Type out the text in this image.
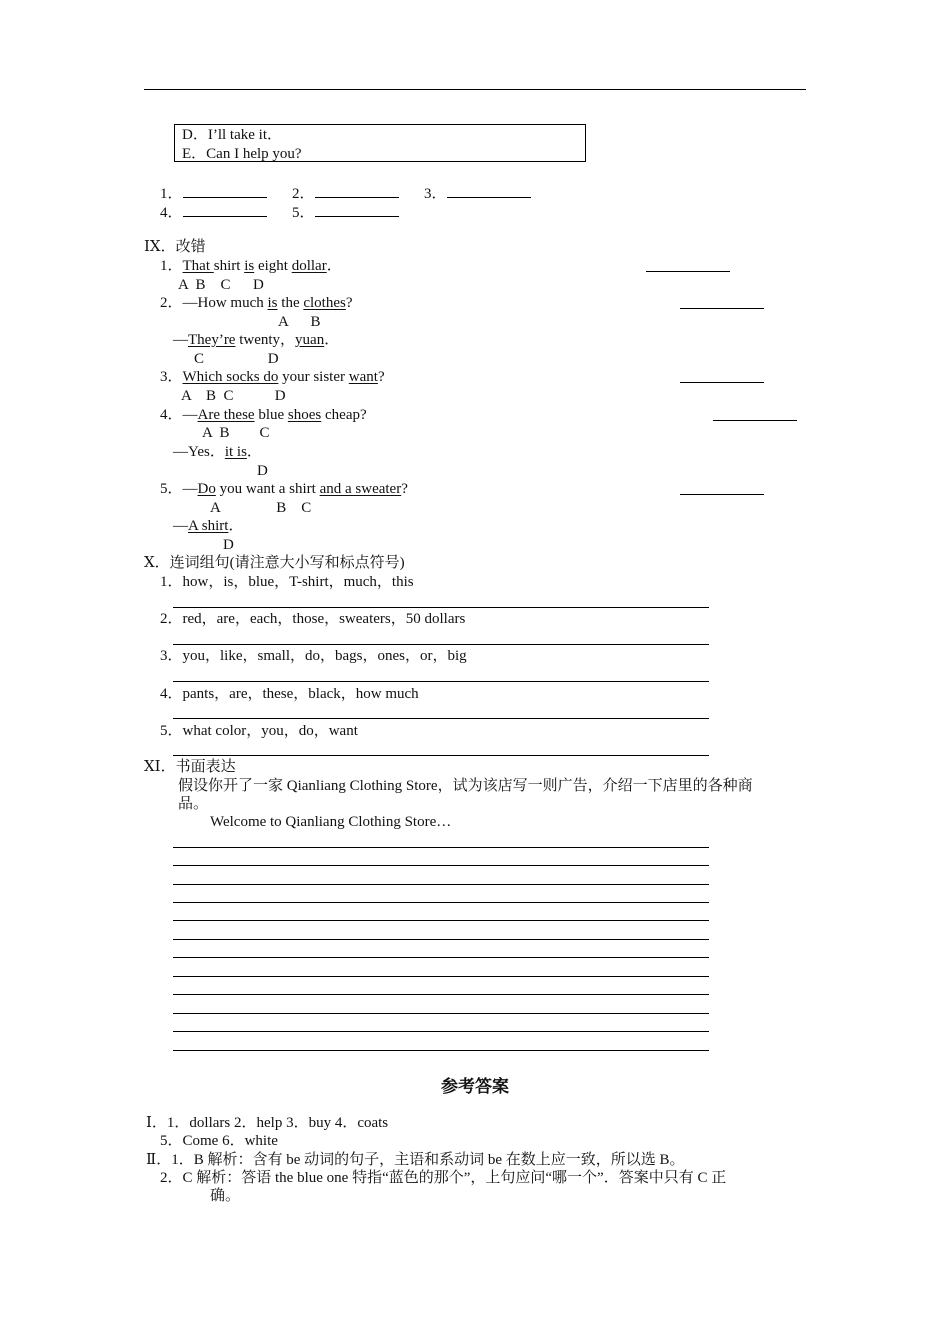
D．I’ll take it．
E．Can I help you?
1．	2．	3．
4．	5．
ⅠⅩ．改错
1．That shirt is eight dollar．
A  B    C      D
2．—How much is the clothes?
A      B
—They’re twenty，yuan．
C                 D
3．Which socks do your sister want?
A    B  C           D
4．—Are these blue shoes cheap?
A  B        C
—Yes．it is．
D
5．—Do you want a shirt and a sweater?
A               B    C
—A shirt．
D
Ⅹ．连词组句(请注意大小写和标点符号)
1．how，is，blue，T-shirt，much，this
2．red，are，each，those，sweaters，50 dollars
3．you，like，small，do，bags，ones，or，big
4．pants，are，these，black，how much
5．what color，you，do，want
ⅩⅠ．书面表达
假设你开了一家 Qianliang Clothing Store，试为该店写一则广告，介绍一下店里的各种商
品。
Welcome to Qianliang Clothing Store…
参考答案
Ⅰ．1．dollars 2．help 3．buy 4．coats
5．Come 6．white
Ⅱ．1．B 解析：含有 be 动词的句子，主语和系动词 be 在数上应一致，所以选 B。
2．C 解析：答语 the blue one 特指“蓝色的那个”，上句应问“哪一个”．答案中只有 C 正
确。
